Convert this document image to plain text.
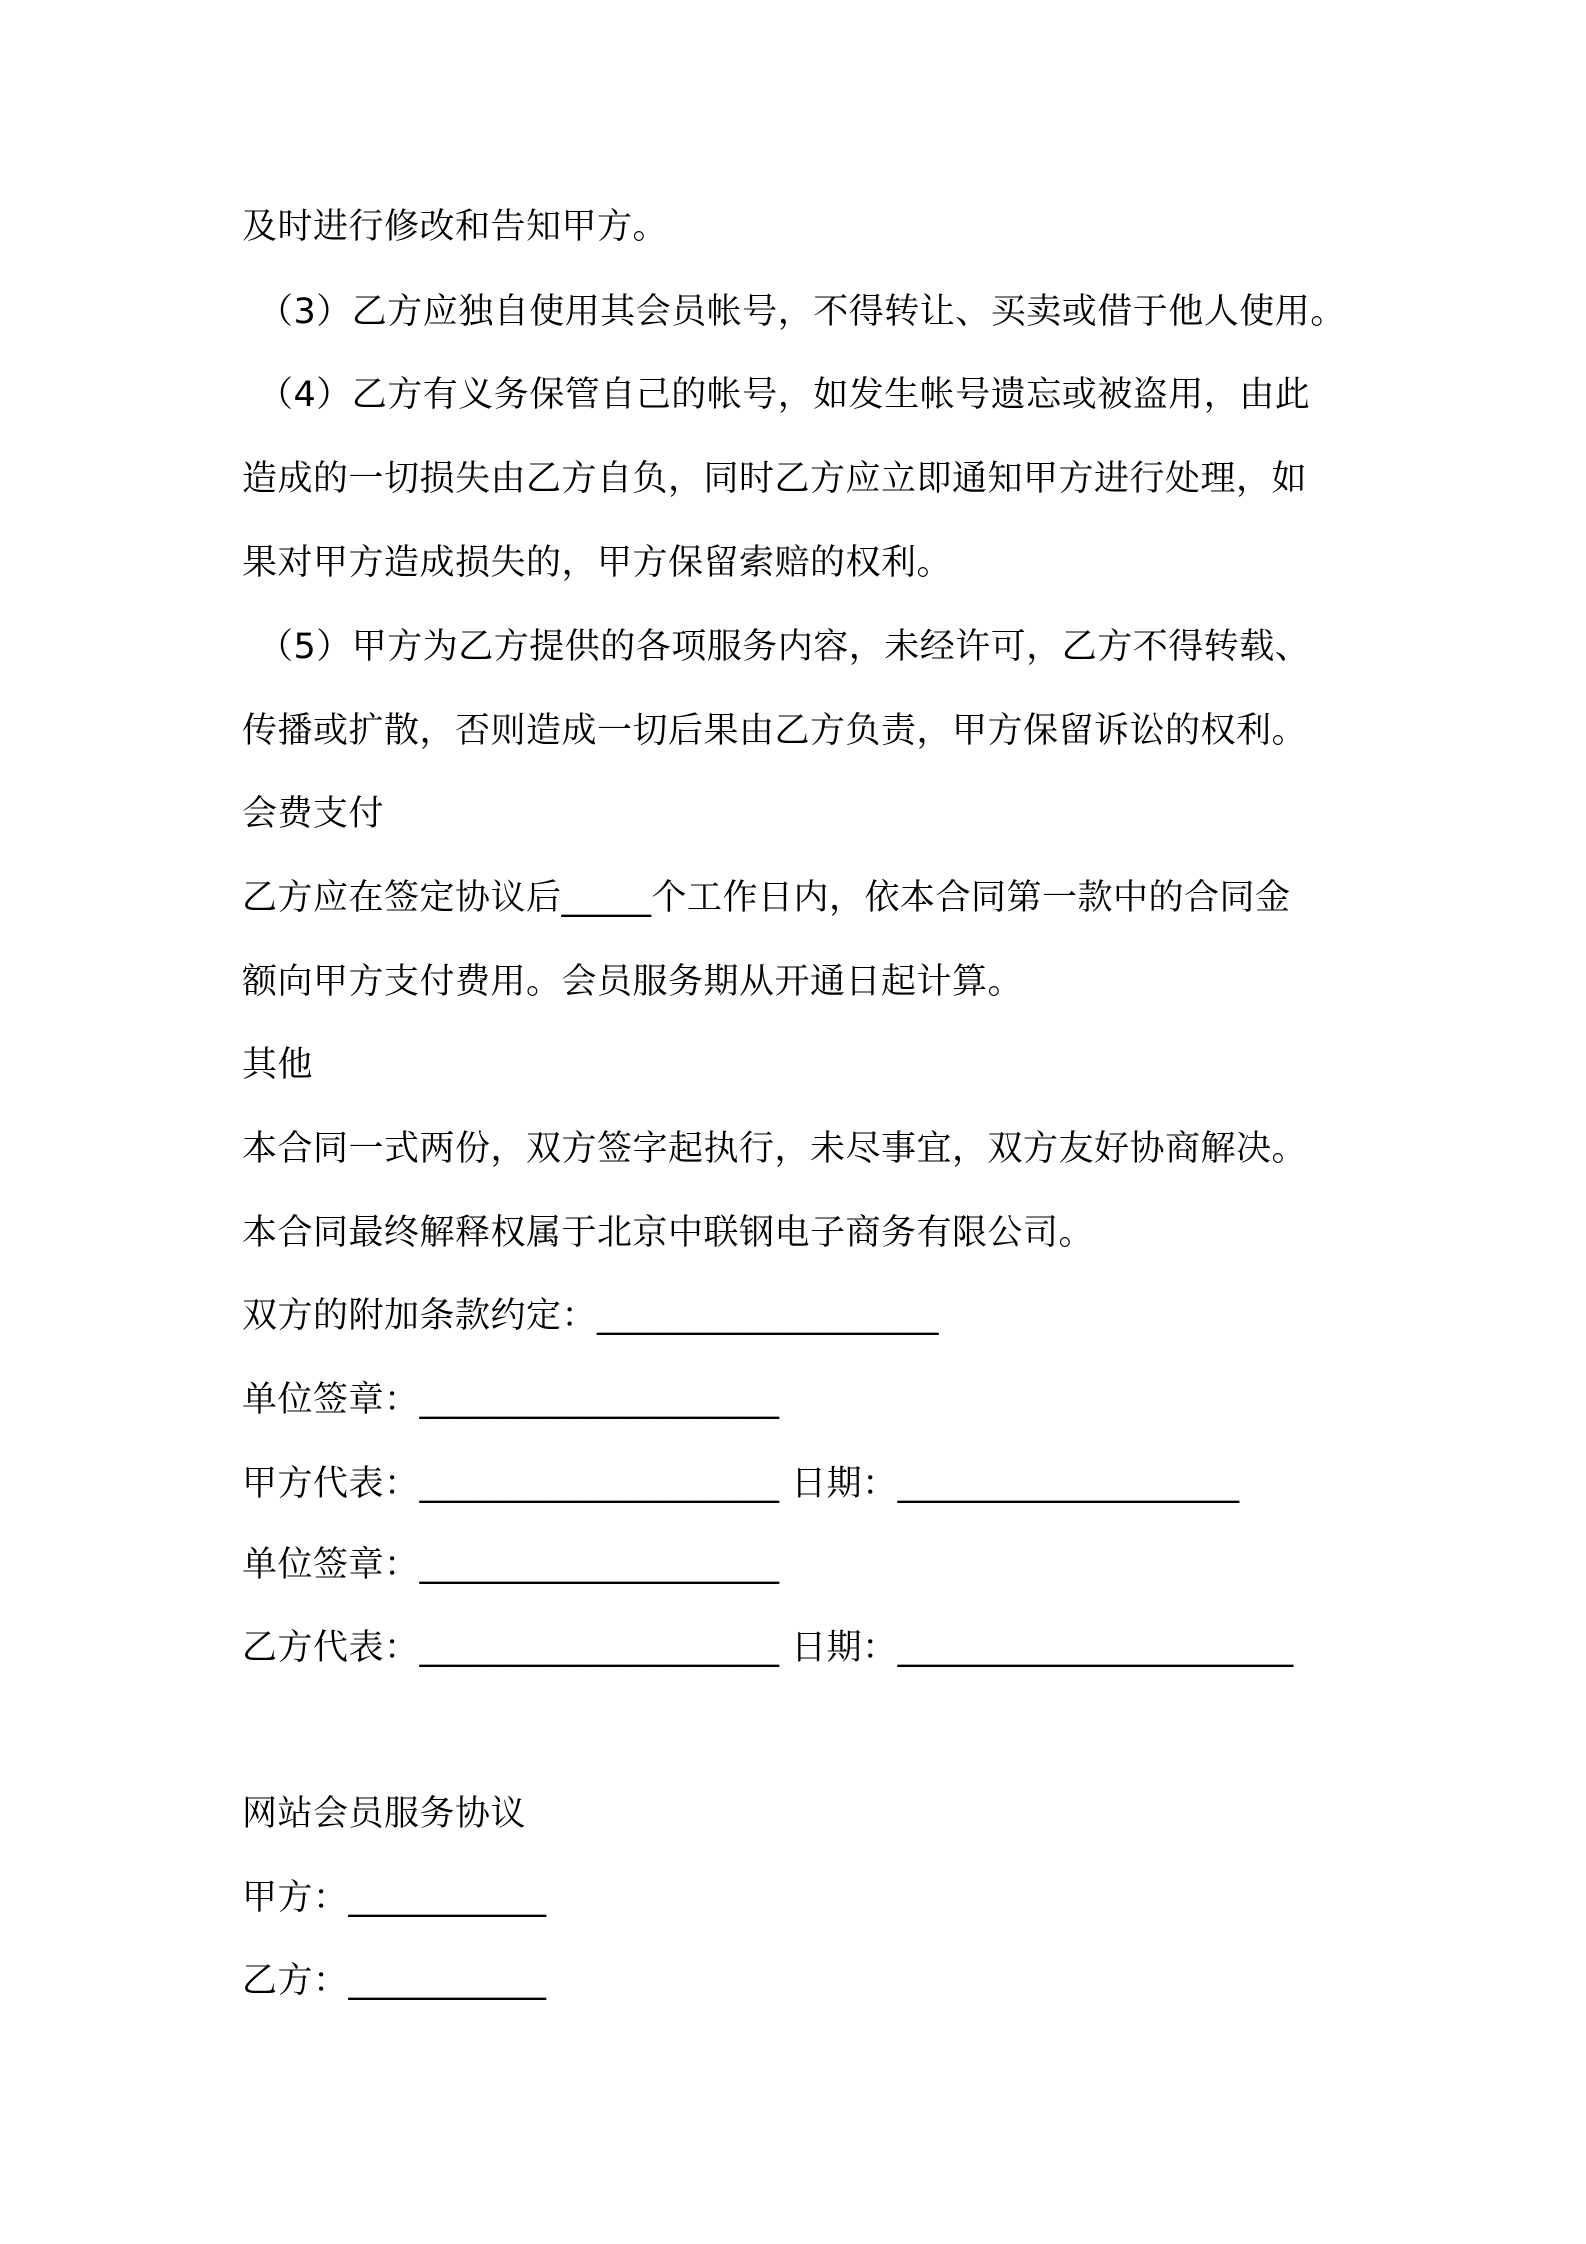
及时进行修改和告知甲方。
（3）乙方应独自使用其会员帐号，不得转让、买卖或借于他人使用。
（4）乙方有义务保管自己的帐号，如发生帐号遗忘或被盗用，由此
造成的一切损失由乙方自负，同时乙方应立即通知甲方进行处理，如
果对甲方造成损失的，甲方保留索赔的权利。
（5）甲方为乙方提供的各项服务内容，未经许可，乙方不得转载、
传播或扩散，否则造成一切后果由乙方负责，甲方保留诉讼的权利。
会费支付
乙方应在签定协议后_____个工作日内，依本合同第一款中的合同金
额向甲方支付费用。会员服务期从开通日起计算。
其他
本合同一式两份，双方签字起执行，未尽事宜，双方友好协商解决。
本合同最终解释权属于北京中联钢电子商务有限公司。
双方的附加条款约定：___________________
单位签章：____________________
甲方代表：____________________ 日期：___________________
单位签章：____________________
乙方代表：____________________ 日期：______________________
网站会员服务协议
甲方：___________
乙方：___________
